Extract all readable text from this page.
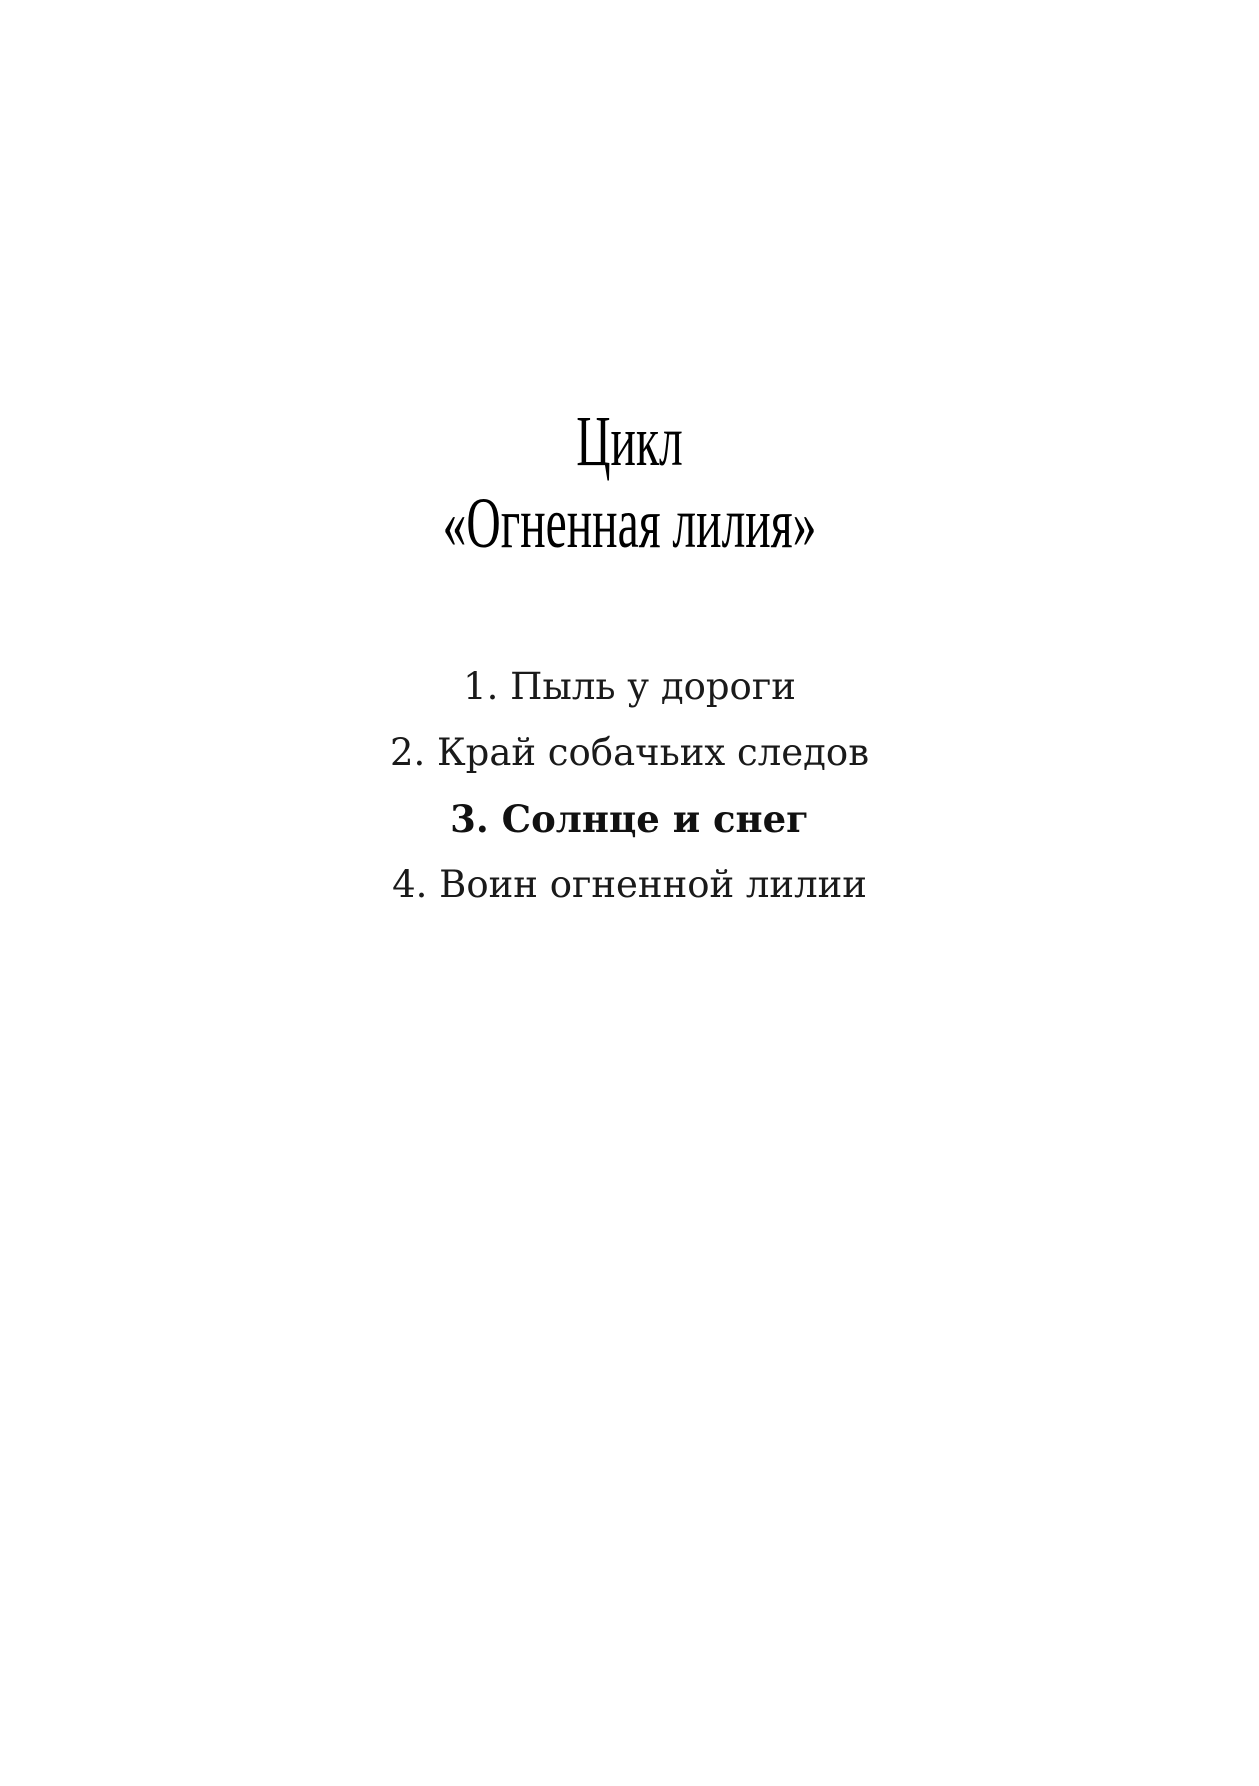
Цикл
«Огненная лилия»
1. Пыль у дороги
2. Край собачьих следов
3. Солнце и снег
4. Воин огненной лилии
